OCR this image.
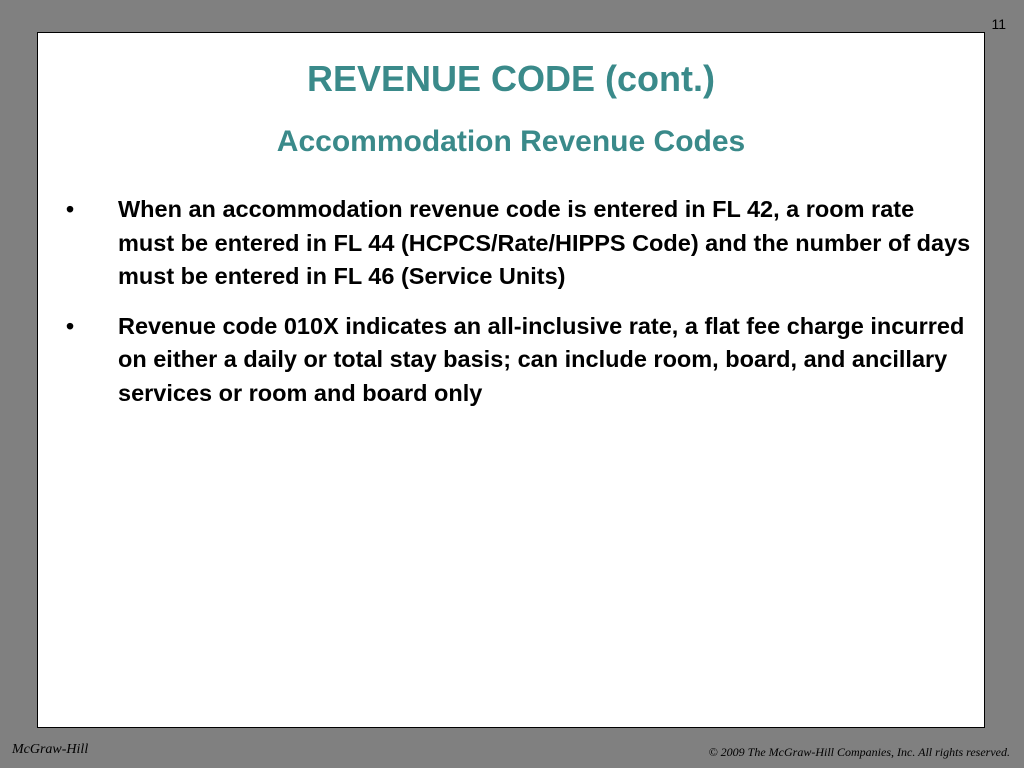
11
REVENUE CODE (cont.)
Accommodation Revenue Codes
•	When an accommodation revenue code is entered in FL 42, a room rate must be entered in FL 44 (HCPCS/Rate/HIPPS Code) and the number of days must be entered in FL 46 (Service Units)
•	Revenue code 010X indicates an all-inclusive rate, a flat fee charge incurred on either a daily or total stay basis; can include room, board, and ancillary services or room and board only
McGraw-Hill	© 2009 The McGraw-Hill Companies, Inc. All rights reserved.
